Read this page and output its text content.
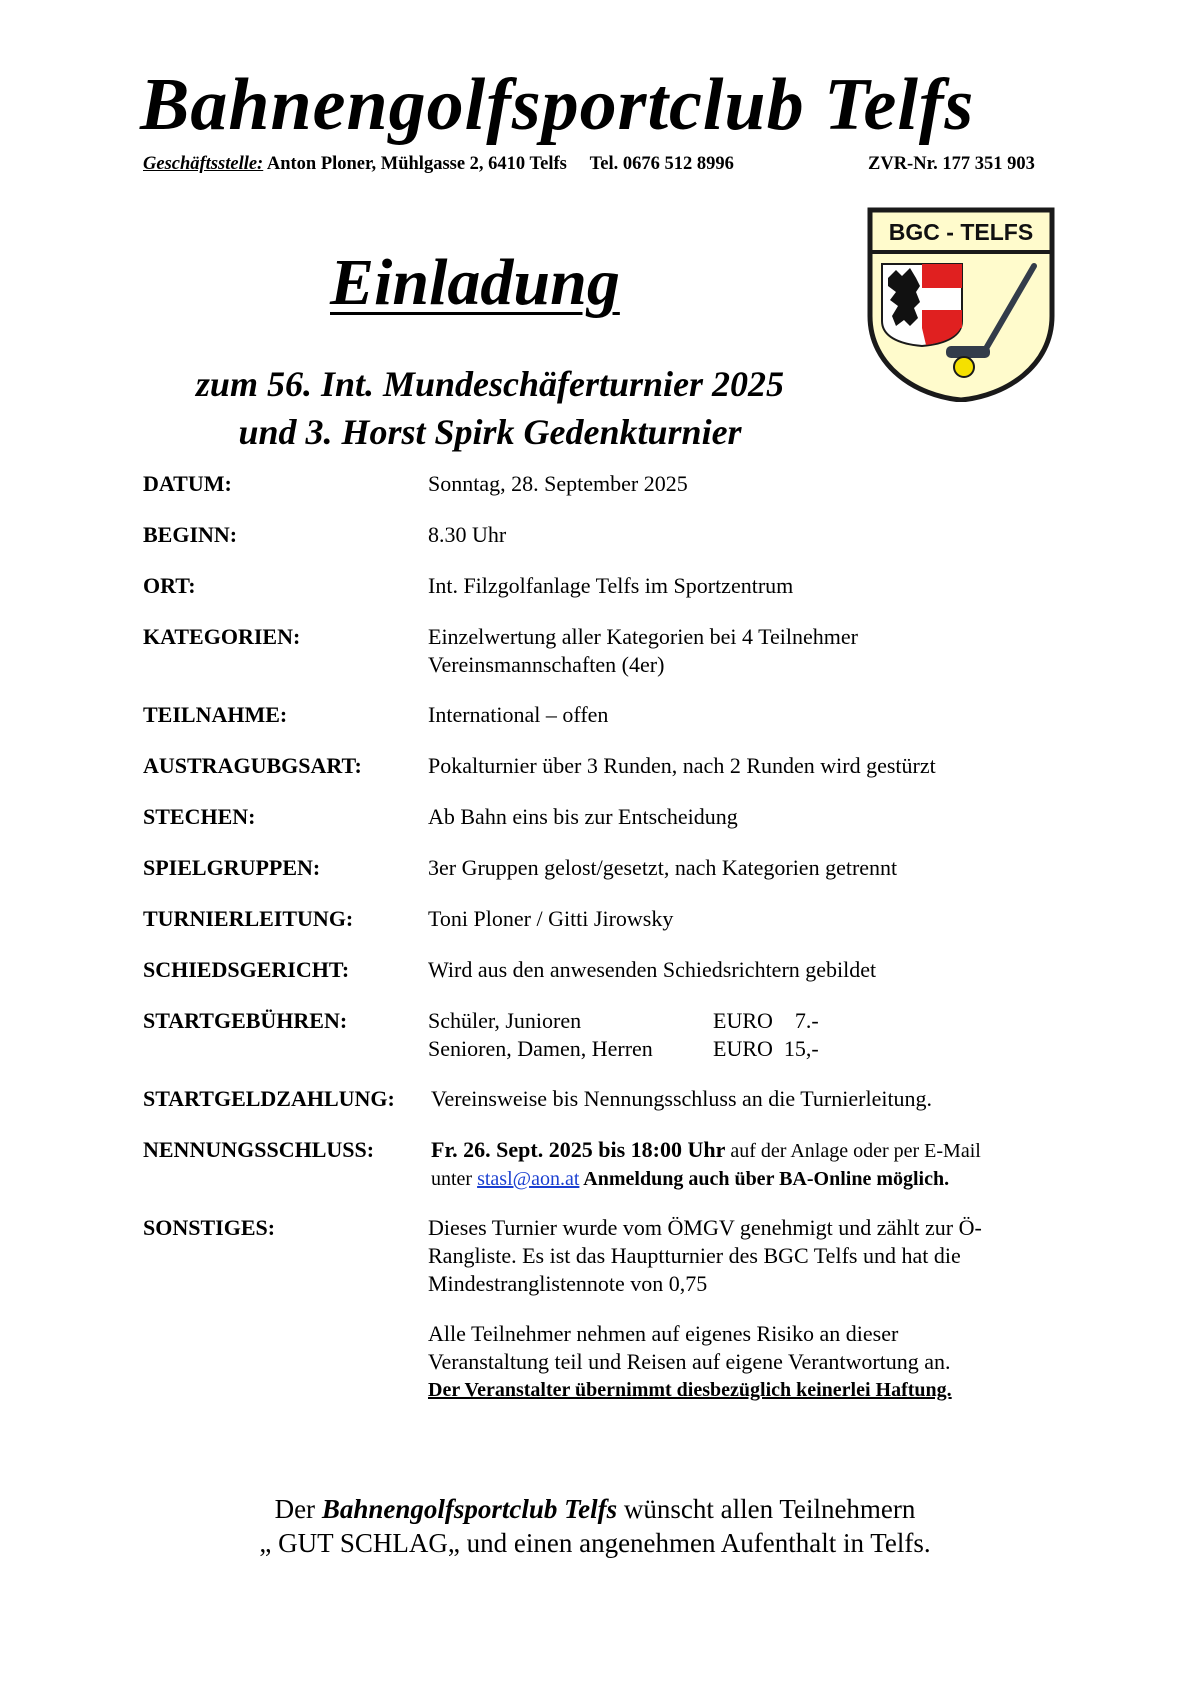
Bahnengolfsportclub Telfs
Geschäftsstelle: Anton Ploner, Mühlgasse 2, 6410 Telfs Tel. 0676 512 8996	ZVR-Nr. 177 351 903
Einladung
zum 56. Int. Mundeschäferturnier 2025
und 3. Horst Spirk Gedenkturnier
BGC - TELFS
DATUM:	Sonntag, 28. September 2025
BEGINN:	8.30 Uhr
ORT:	Int. Filzgolfanlage Telfs im Sportzentrum
KATEGORIEN:	Einzelwertung aller Kategorien bei 4 Teilnehmer
Vereinsmannschaften (4er)
TEILNAHME:	International – offen
AUSTRAGUBGSART:	Pokalturnier über 3 Runden, nach 2 Runden wird gestürzt
STECHEN:	Ab Bahn eins bis zur Entscheidung
SPIELGRUPPEN:	3er Gruppen gelost/gesetzt, nach Kategorien getrennt
TURNIERLEITUNG:	Toni Ploner / Gitti Jirowsky
SCHIEDSGERICHT:	Wird aus den anwesenden Schiedsrichtern gebildet
STARTGEBÜHREN:	Schüler, Junioren	EURO    7.-
Senioren, Damen, Herren	EURO  15,-
STARTGELDZAHLUNG: Vereinsweise bis Nennungsschluss an die Turnierleitung.
NENNUNGSSCHLUSS:	Fr. 26. Sept. 2025 bis 18:00 Uhr auf der Anlage oder per E-Mail
unter stasl@aon.at Anmeldung auch über BA-Online möglich.
SONSTIGES:	Dieses Turnier wurde vom ÖMGV genehmigt und zählt zur Ö-
Rangliste. Es ist das Hauptturnier des BGC Telfs und hat die
Mindestranglistennote von 0,75
Alle Teilnehmer nehmen auf eigenes Risiko an dieser
Veranstaltung teil und Reisen auf eigene Verantwortung an.
Der Veranstalter übernimmt diesbezüglich keinerlei Haftung.
Der Bahnengolfsportclub Telfs wünscht allen Teilnehmern
„ GUT SCHLAG„ und einen angenehmen Aufenthalt in Telfs.
